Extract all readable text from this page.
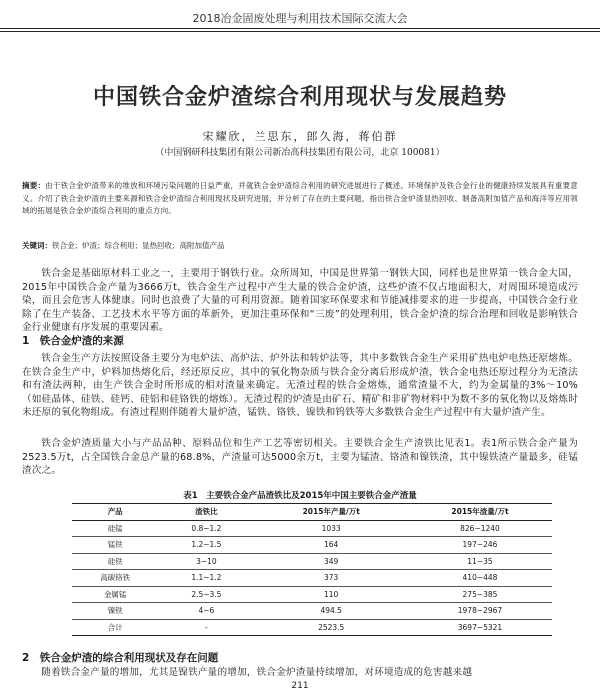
2018冶金固废处理与利用技术国际交流大会
中国铁合金炉渣综合利用现状与发展趋势
宋耀欣，兰思东，郎久海，蒋伯群
（中国钢研科技集团有限公司新冶高科技集团有限公司，北京 100081）
摘要：由于铁合金炉渣带来的堆放和环境污染问题的日益严重，并就铁合金炉渣综合利用的研究进展进行了概述。环境保护及铁合金行业的健康持续发展具有重要意义。介绍了铁合金炉渣的主要来源和铁合金炉渣综合利用现状及研究进展，并分析了存在的主要问题，指出铁合金炉渣显热回收、制备高附加值产品和海洋等应用领域的拓展是铁合金炉渣综合利用的重点方向。
关键词：铁合金；炉渣；综合利用；显热回收；高附加值产品
铁合金是基础原材料工业之一，主要用于钢铁行业。众所周知，中国是世界第一钢铁大国，同样也是世界第一铁合金大国，2015年中国铁合金产量为3666万t，铁合金生产过程中产生大量的铁合金炉渣，这些炉渣不仅占地面积大，对周围环境造成污染，而且会危害人体健康。同时也浪费了大量的可利用资源。随着国家环保要求和节能减排要求的进一步提高，中国铁合金行业除了在生产装备、工艺技术水平等方面的革新外，更加注重环保和“三废”的处理利用，铁合金炉渣的综合治理和回收是影响铁合金行业健康有序发展的重要因素。
1　铁合金炉渣的来源
铁合金生产方法按照设备主要分为电炉法、高炉法、炉外法和转炉法等，其中多数铁合金生产采用矿热电炉电热还原熔炼。在铁合金生产中，炉料加热熔化后，经还原反应，其中的氧化物杂质与铁合金分离后形成炉渣，铁合金电热还原过程分为无渣法和有渣法两种，由生产铁合金时所形成的相对渣量来确定。无渣过程的铁合金熔炼，通常渣量不大，约为金属量的3%～10%（如硅晶体、硅铁、硅钙、硅铝和硅铬铁的熔炼）。无渣过程的炉渣是由矿石、精矿和非矿物材料中为数不多的氧化物以及熔炼时未还原的氧化物组成。有渣过程则伴随着大量炉渣，锰铁、铬铁、镍铁和钨铁等大多数铁合金生产过程中有大量炉渣产生。
铁合金炉渣质量大小与产品品种、原料品位和生产工艺等密切相关。主要铁合金生产渣铁比见表1。表1所示铁合金产量为2523.5万t，占全国铁合金总产量的68.8%，产渣量可达5000余万t，主要为锰渣、铬渣和镍铁渣，其中镍铁渣产量最多，硅锰渣次之。
表1　主要铁合金产品渣铁比及2015年中国主要铁合金产渣量
产品	渣铁比	2015年产量/万t	2015年渣量/万t
硅锰	0.8~1.2	1033	826~1240
锰铁	1.2~1.5	164	197~246
硅铁	3~10	349	11~35
高碳铬铁	1.1~1.2	373	410~448
金属锰	2.5~3.5	110	275~385
镍铁	4~6	494.5	1978~2967
合计	-	2523.5	3697~5321
2　铁合金炉渣的综合利用现状及存在问题
随着铁合金产量的增加，尤其是镍铁产量的增加，铁合金炉渣量持续增加，对环境造成的危害越来越
211
